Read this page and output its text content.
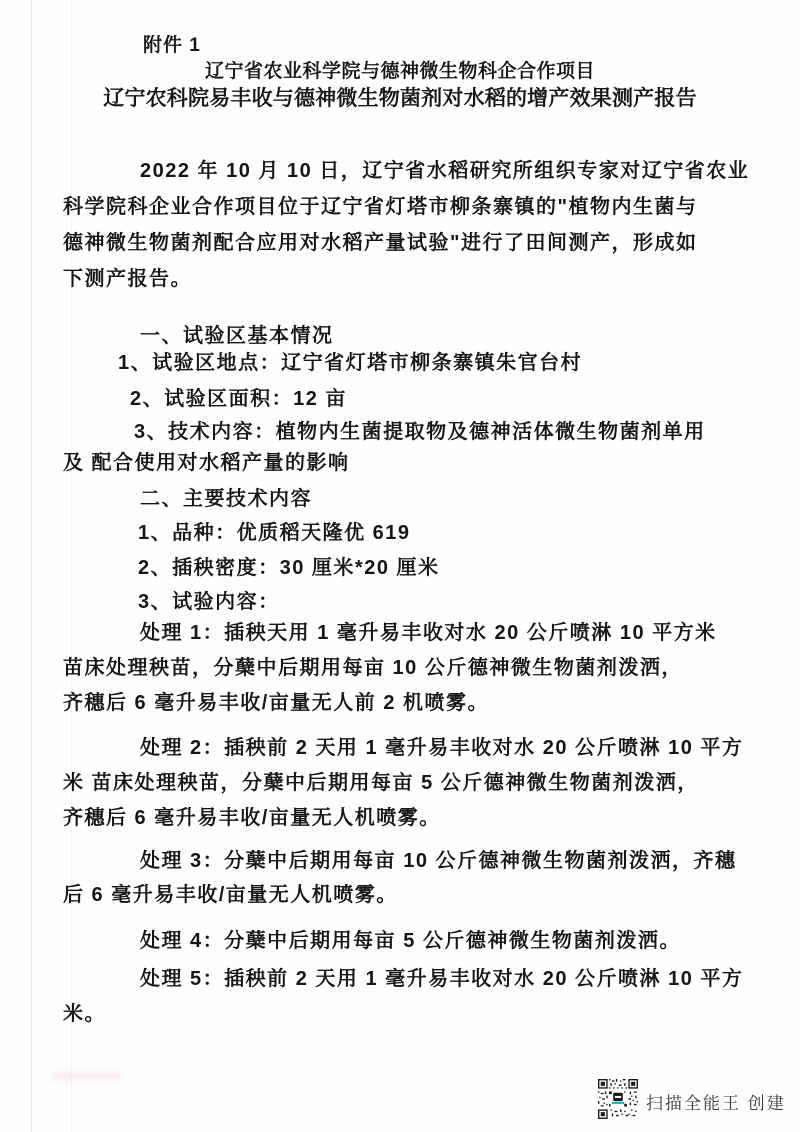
附件 1
辽宁省农业科学院与德神微生物科企合作项目
辽宁农科院易丰收与德神微生物菌剂对水稻的增产效果测产报告
2022 年 10 月 10 日，辽宁省水稻研究所组织专家对辽宁省农业
科学院科企业合作项目位于辽宁省灯塔市柳条寨镇的"植物内生菌与
德神微生物菌剂配合应用对水稻产量试验"进行了田间测产，形成如
下测产报告。
一、试验区基本情况
1、试验区地点：辽宁省灯塔市柳条寨镇朱官台村
2、试验区面积：12 亩
3、技术内容：植物内生菌提取物及德神活体微生物菌剂单用
及 配合使用对水稻产量的影响
二、主要技术内容
1、品种：优质稻天隆优 619
2、插秧密度：30 厘米*20 厘米
3、试验内容：
处理 1：插秧天用 1 毫升易丰收对水 20 公斤喷淋 10 平方米
苗床处理秧苗，分蘖中后期用每亩 10 公斤德神微生物菌剂泼洒，
齐穗后 6 毫升易丰收/亩量无人前 2 机喷雾。
处理 2：插秧前 2 天用 1 毫升易丰收对水 20 公斤喷淋 10 平方
米 苗床处理秧苗，分蘖中后期用每亩 5 公斤德神微生物菌剂泼洒，
齐穗后 6 毫升易丰收/亩量无人机喷雾。
处理 3：分蘖中后期用每亩 10 公斤德神微生物菌剂泼洒，齐穗
后 6 毫升易丰收/亩量无人机喷雾。
处理 4：分蘖中后期用每亩 5 公斤德神微生物菌剂泼洒。
处理 5：插秧前 2 天用 1 毫升易丰收对水 20 公斤喷淋 10 平方
米。
扫描全能王 创建
